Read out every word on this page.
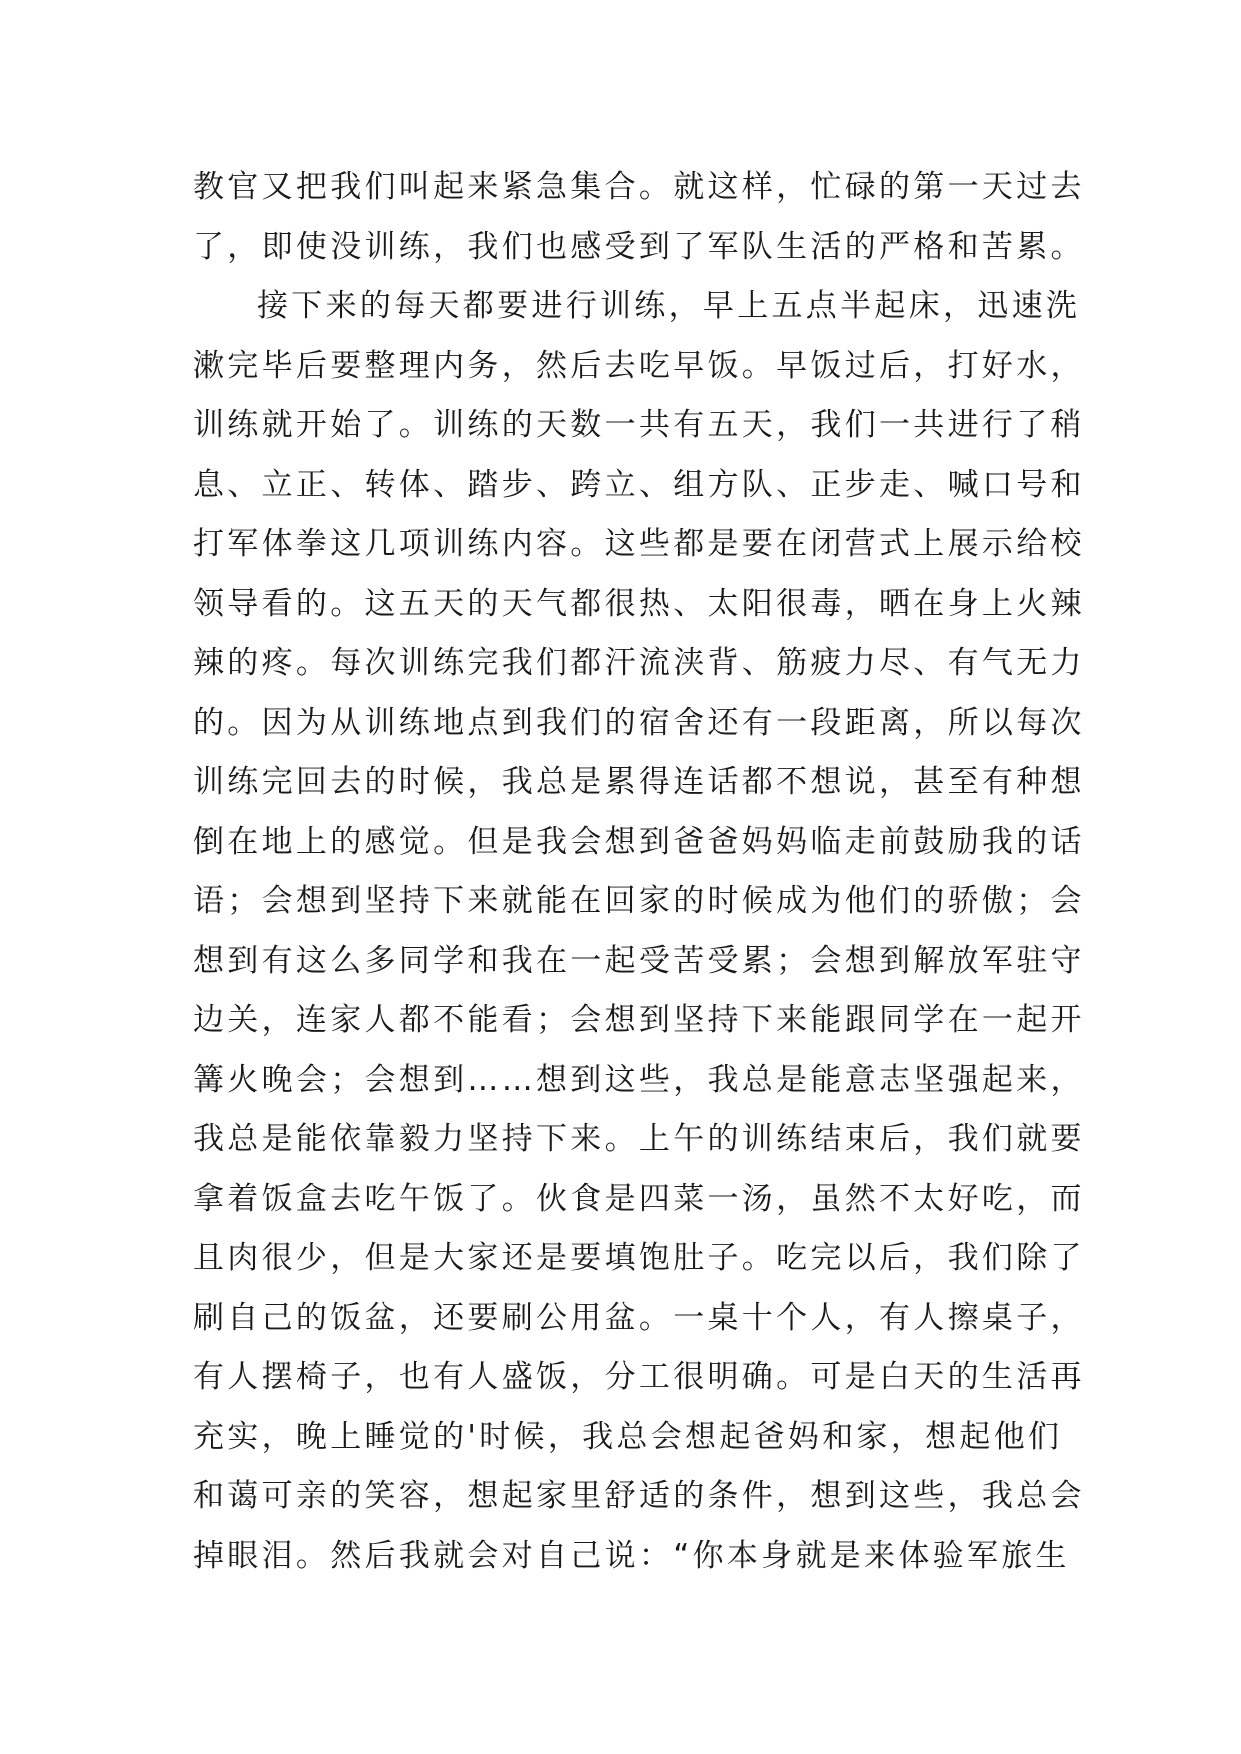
教官又把我们叫起来紧急集合。就这样，忙碌的第一天过去
了，即使没训练，我们也感受到了军队生活的严格和苦累。
接下来的每天都要进行训练，早上五点半起床，迅速洗
漱完毕后要整理内务，然后去吃早饭。早饭过后，打好水，
训练就开始了。训练的天数一共有五天，我们一共进行了稍
息、立正、转体、踏步、跨立、组方队、正步走、喊口号和
打军体拳这几项训练内容。这些都是要在闭营式上展示给校
领导看的。这五天的天气都很热、太阳很毒，晒在身上火辣
辣的疼。每次训练完我们都汗流浃背、筋疲力尽、有气无力
的。因为从训练地点到我们的宿舍还有一段距离，所以每次
训练完回去的时候，我总是累得连话都不想说，甚至有种想
倒在地上的感觉。但是我会想到爸爸妈妈临走前鼓励我的话
语；会想到坚持下来就能在回家的时候成为他们的骄傲；会
想到有这么多同学和我在一起受苦受累；会想到解放军驻守
边关，连家人都不能看；会想到坚持下来能跟同学在一起开
篝火晚会；会想到……想到这些，我总是能意志坚强起来，
我总是能依靠毅力坚持下来。上午的训练结束后，我们就要
拿着饭盒去吃午饭了。伙食是四菜一汤，虽然不太好吃，而
且肉很少，但是大家还是要填饱肚子。吃完以后，我们除了
刷自己的饭盆，还要刷公用盆。一桌十个人，有人擦桌子，
有人摆椅子，也有人盛饭，分工很明确。可是白天的生活再
充实，晚上睡觉的'时候，我总会想起爸妈和家，想起他们
和蔼可亲的笑容，想起家里舒适的条件，想到这些，我总会
掉眼泪。然后我就会对自己说：“你本身就是来体验军旅生
